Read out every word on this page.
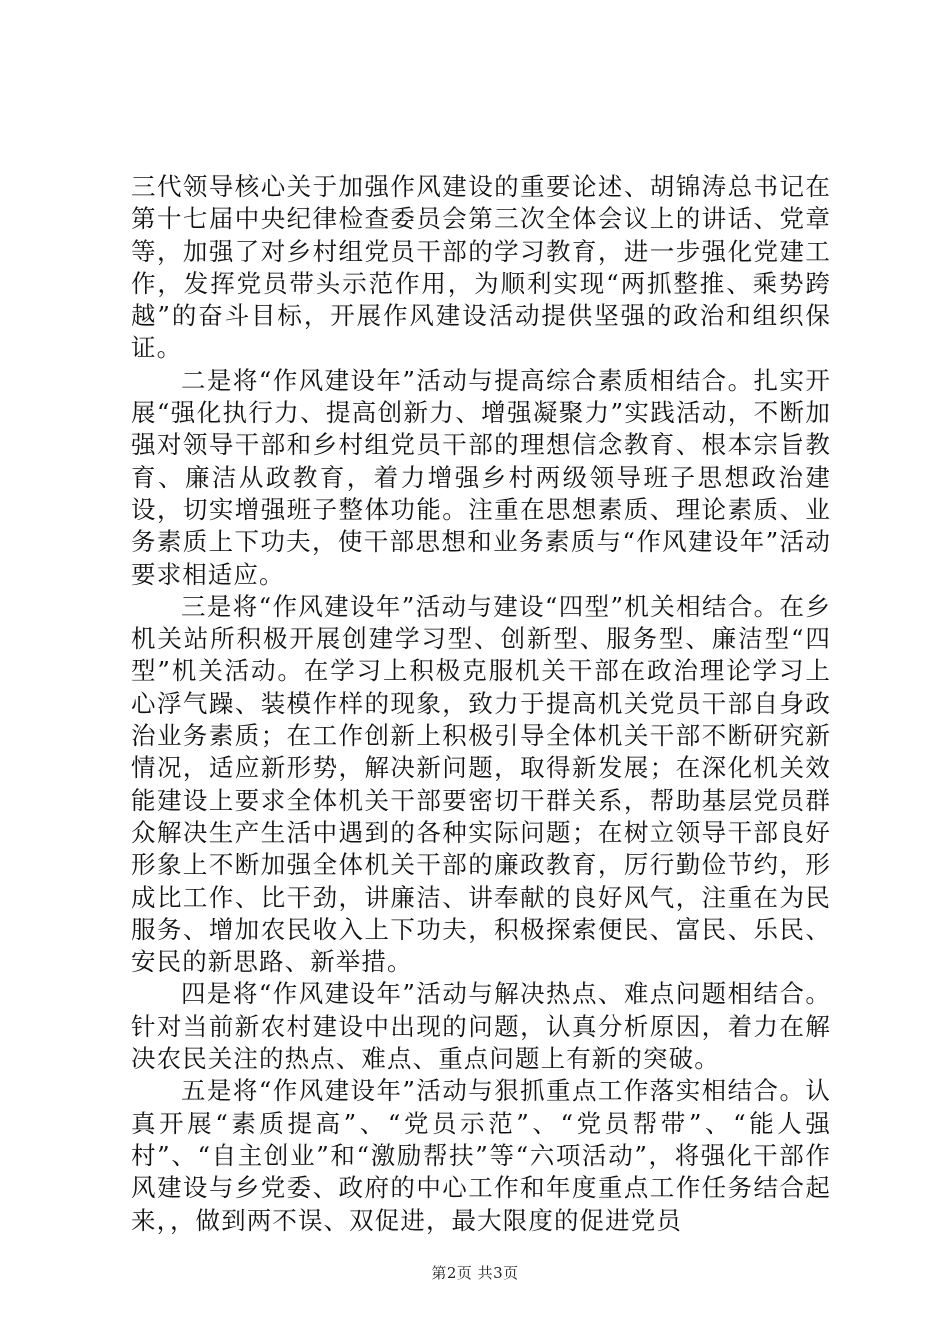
三代领导核心关于加强作风建设的重要论述、胡锦涛总书记在第十七届中央纪律检查委员会第三次全体会议上的讲话、党章等，加强了对乡村组党员干部的学习教育，进一步强化党建工作，发挥党员带头示范作用，为顺利实现“两抓整推、乘势跨越”的奋斗目标，开展作风建设活动提供坚强的政治和组织保证。

二是将“作风建设年”活动与提高综合素质相结合。扎实开展“强化执行力、提高创新力、增强凝聚力”实践活动，不断加强对领导干部和乡村组党员干部的理想信念教育、根本宗旨教育、廉洁从政教育，着力增强乡村两级领导班子思想政治建设，切实增强班子整体功能。注重在思想素质、理论素质、业务素质上下功夫，使干部思想和业务素质与“作风建设年”活动要求相适应。

三是将“作风建设年”活动与建设“四型”机关相结合。在乡机关站所积极开展创建学习型、创新型、服务型、廉洁型“四型”机关活动。在学习上积极克服机关干部在政治理论学习上心浮气躁、装模作样的现象，致力于提高机关党员干部自身政治业务素质；在工作创新上积极引导全体机关干部不断研究新情况，适应新形势，解决新问题，取得新发展；在深化机关效能建设上要求全体机关干部要密切干群关系，帮助基层党员群众解决生产生活中遇到的各种实际问题；在树立领导干部良好形象上不断加强全体机关干部的廉政教育，厉行勤俭节约，形成比工作、比干劲，讲廉洁、讲奉献的良好风气，注重在为民服务、增加农民收入上下功夫，积极探索便民、富民、乐民、安民的新思路、新举措。

四是将“作风建设年”活动与解决热点、难点问题相结合。针对当前新农村建设中出现的问题，认真分析原因，着力在解决农民关注的热点、难点、重点问题上有新的突破。

五是将“作风建设年”活动与狠抓重点工作落实相结合。认真开展“素质提高”、“党员示范”、“党员帮带”、“能人强村”、“自主创业”和“激励帮扶”等“六项活动”，将强化干部作风建设与乡党委、政府的中心工作和年度重点工作任务结合起来，，做到两不误、双促进，最大限度的促进党员

第2页 共3页
